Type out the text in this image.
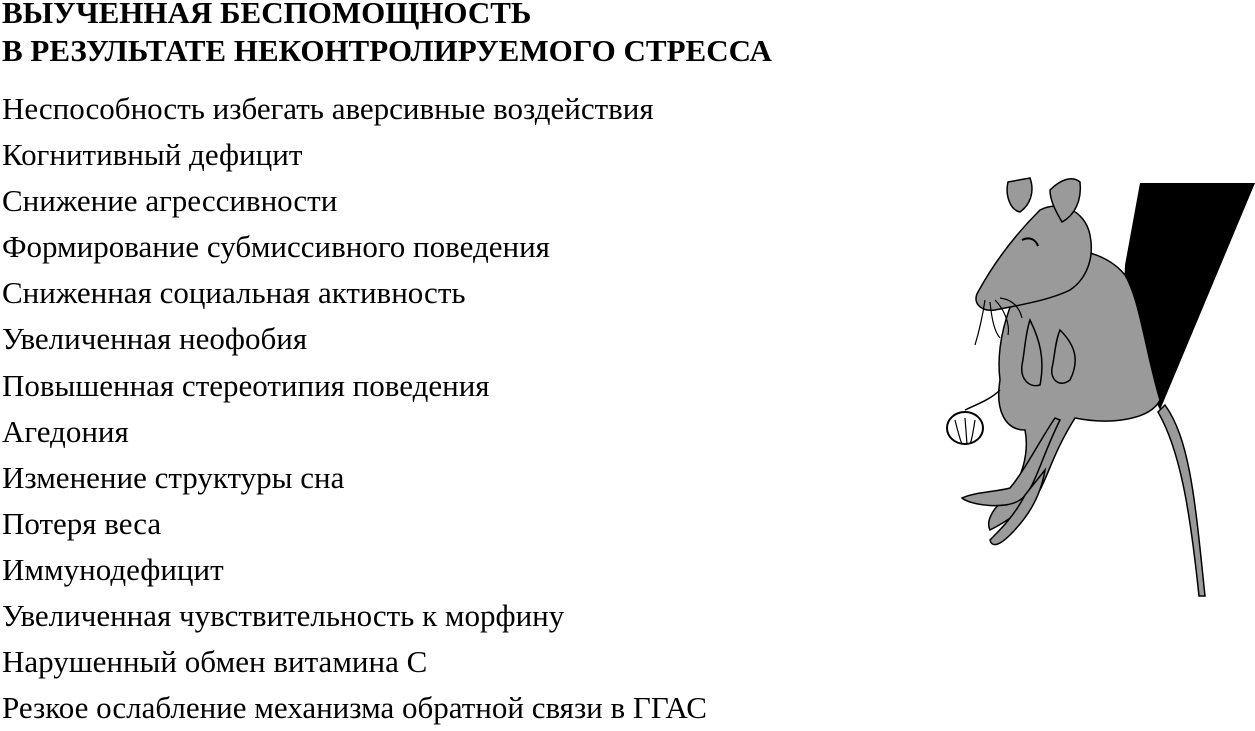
ВЫУЧЕННАЯ БЕСПОМОЩНОСТЬ
В РЕЗУЛЬТАТЕ НЕКОНТРОЛИРУЕМОГО СТРЕССА
Неспособность избегать аверсивные воздействия
Когнитивный дефицит
Снижение агрессивности
Формирование субмиссивного поведения
Сниженная социальная активность
Увеличенная неофобия
Повышенная стереотипия поведения
Агедония
Изменение структуры сна
Потеря веса
Иммунодефицит
Увеличенная чувствительность к морфину
Нарушенный обмен витамина С
Резкое ослабление механизма обратной связи в ГГАС
